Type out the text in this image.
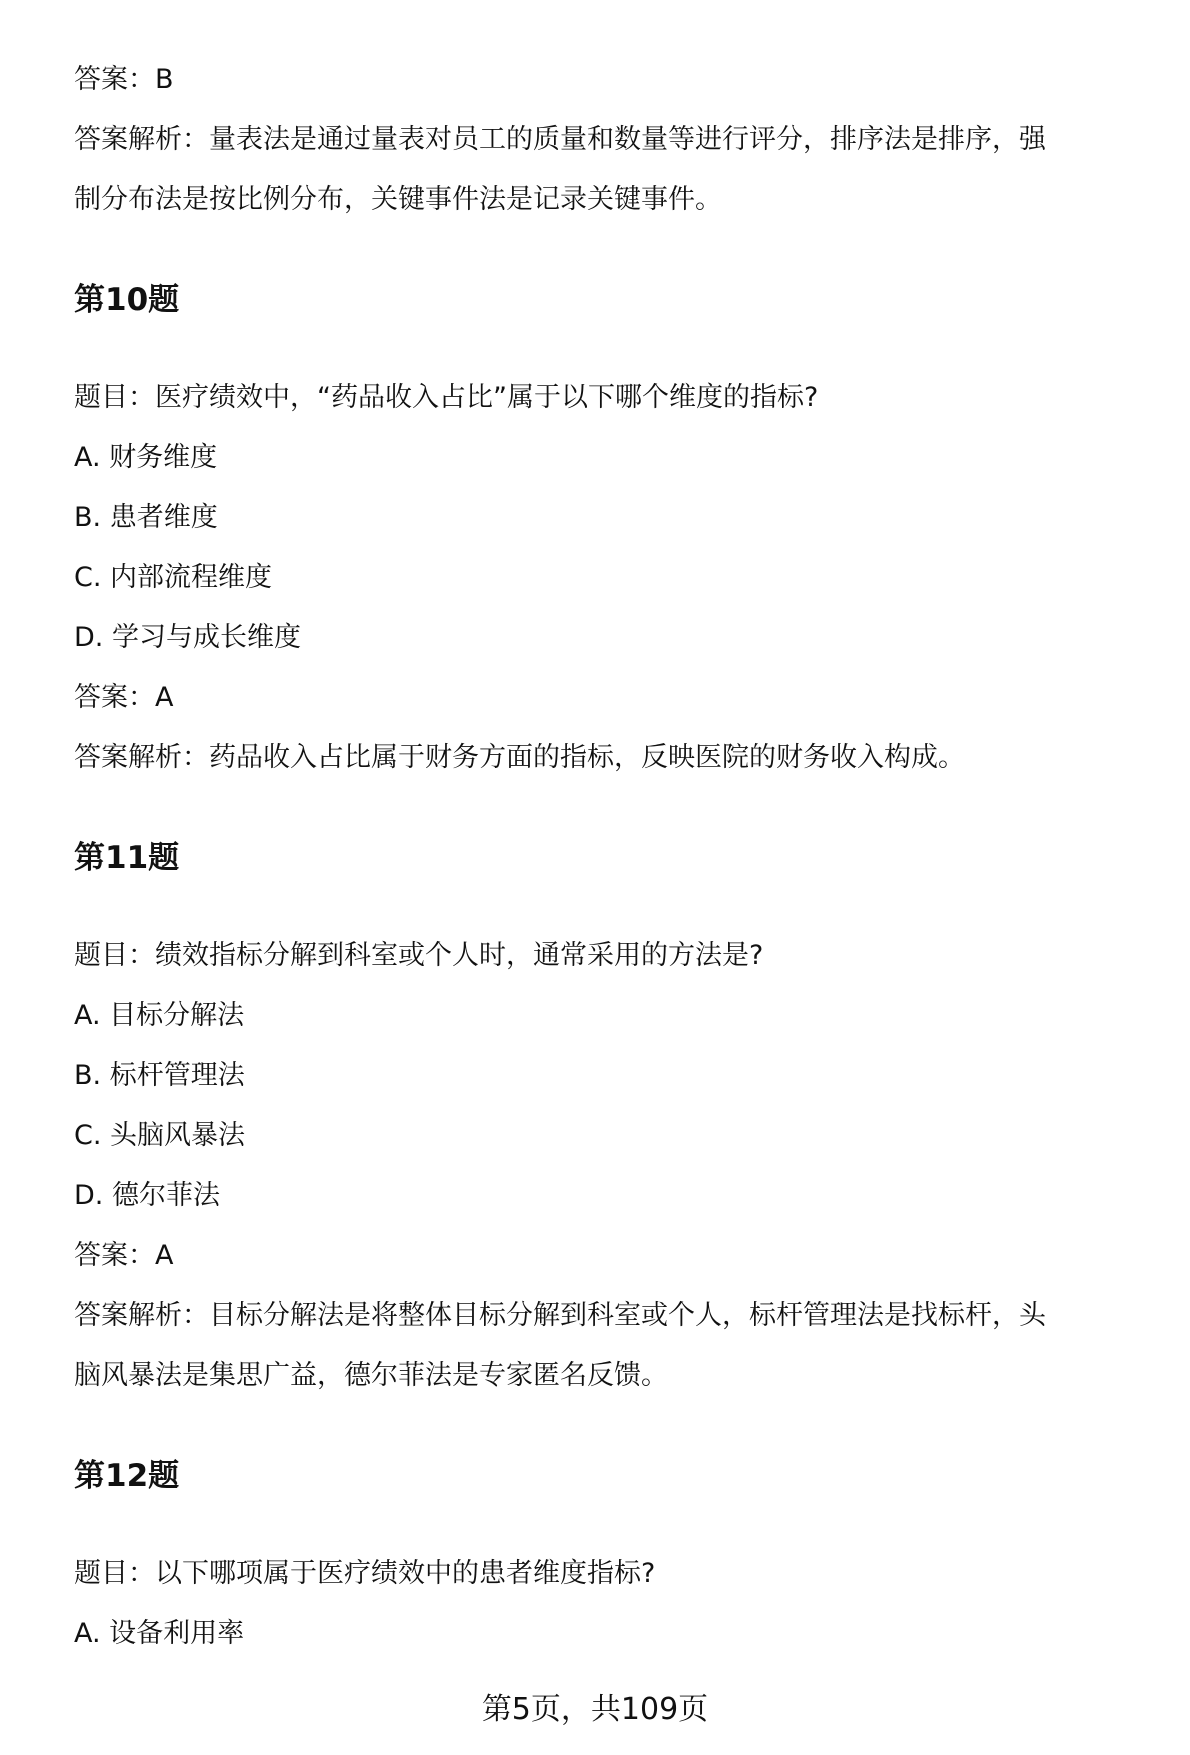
答案：B
答案解析：量表法是通过量表对员工的质量和数量等进行评分，排序法是排序，强
制分布法是按比例分布，关键事件法是记录关键事件。
第10题
题目：医疗绩效中，“药品收入占比”属于以下哪个维度的指标?
A. 财务维度
B. 患者维度
C. 内部流程维度
D. 学习与成长维度
答案：A
答案解析：药品收入占比属于财务方面的指标，反映医院的财务收入构成。
第11题
题目：绩效指标分解到科室或个人时，通常采用的方法是?
A. 目标分解法
B. 标杆管理法
C. 头脑风暴法
D. 德尔菲法
答案：A
答案解析：目标分解法是将整体目标分解到科室或个人，标杆管理法是找标杆，头
脑风暴法是集思广益，德尔菲法是专家匿名反馈。
第12题
题目：以下哪项属于医疗绩效中的患者维度指标?
A. 设备利用率
第5页，共109页
